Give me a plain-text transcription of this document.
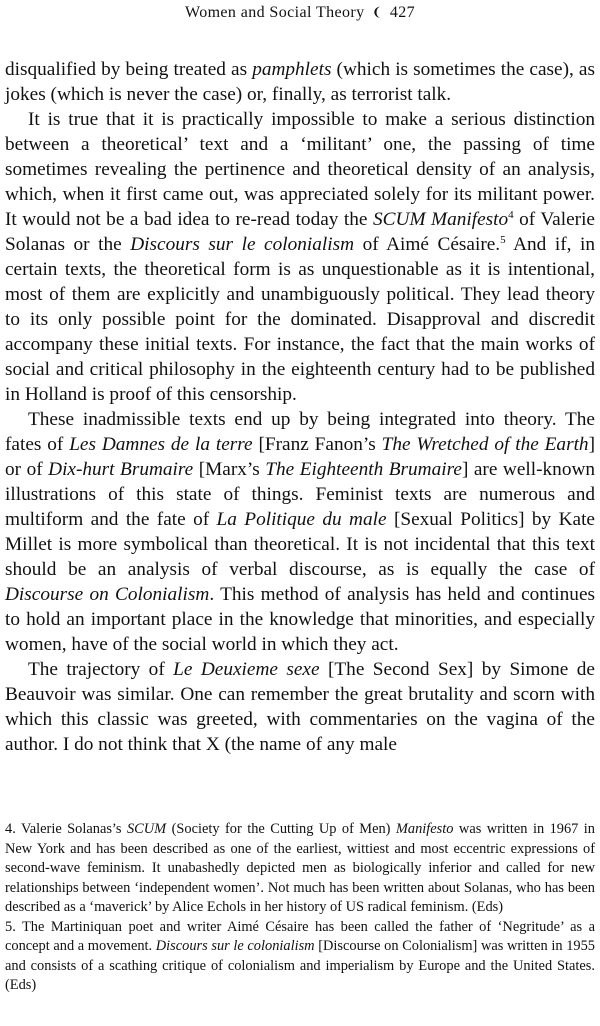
Women and Social Theory ❨ 427

disqualified by being treated as pamphlets (which is sometimes the case), as jokes (which is never the case) or, finally, as terrorist talk.

It is true that it is practically impossible to make a serious distinction between a theoretical’ text and a ‘militant’ one, the passing of time sometimes revealing the pertinence and theoretical density of an analysis, which, when it first came out, was appreciated solely for its militant power. It would not be a bad idea to re-read today the SCUM Manifesto$^4$ of Valerie Solanas or the Discours sur le colonialism of Aimé Césaire.$^5$ And if, in certain texts, the theoretical form is as unquestionable as it is intentional, most of them are explicitly and unambiguously political. They lead theory to its only possible point for the dominated. Disapproval and discredit accompany these initial texts. For instance, the fact that the main works of social and critical philosophy in the eighteenth century had to be published in Holland is proof of this censorship.

These inadmissible texts end up by being integrated into theory. The fates of Les Damnes de la terre [Franz Fanon’s The Wretched of the Earth] or of Dix-hurt Brumaire [Marx’s The Eighteenth Brumaire] are well-known illustrations of this state of things. Feminist texts are numerous and multiform and the fate of La Politique du male [Sexual Politics] by Kate Millet is more symbolical than theoretical. It is not incidental that this text should be an analysis of verbal discourse, as is equally the case of Discourse on Colonialism. This method of analysis has held and continues to hold an important place in the knowledge that minorities, and especially women, have of the social world in which they act.

The trajectory of Le Deuxieme sexe [The Second Sex] by Simone de Beauvoir was similar. One can remember the great brutality and scorn with which this classic was greeted, with commentaries on the vagina of the author. I do not think that X (the name of any male

4. Valerie Solanas’s SCUM (Society for the Cutting Up of Men) Manifesto was written in 1967 in New York and has been described as one of the earliest, wittiest and most eccentric expressions of second-wave feminism. It unabashedly depicted men as biologically inferior and called for new relationships between ‘independent women’. Not much has been written about Solanas, who has been described as a ‘maverick’ by Alice Echols in her history of US radical feminism. (Eds)

5. The Martiniquan poet and writer Aimé Césaire has been called the father of ‘Negritude’ as a concept and a movement. Discours sur le colonialism [Discourse on Colonialism] was written in 1955 and consists of a scathing critique of colonialism and imperialism by Europe and the United States. (Eds)
